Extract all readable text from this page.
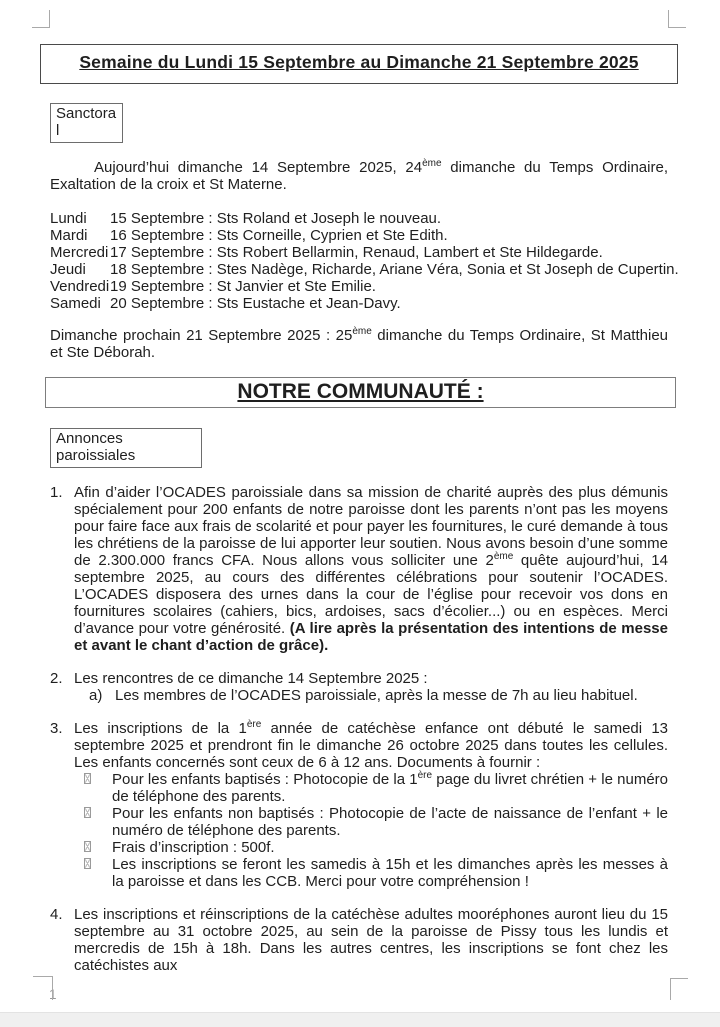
Semaine du Lundi 15 Septembre au Dimanche 21 Septembre 2025
Sanctoral

Aujourd’hui dimanche 14 Septembre 2025, 24ème dimanche du Temps Ordinaire, Exaltation de la croix et St Materne.

Lundi 15 Septembre : Sts Roland et Joseph le nouveau.
Mardi 16 Septembre : Sts Corneille, Cyprien et Ste Edith.
Mercredi 17 Septembre : Sts Robert Bellarmin, Renaud, Lambert et Ste Hildegarde.
Jeudi 18 Septembre : Stes Nadège, Richarde, Ariane Véra, Sonia et St Joseph de Cupertin.
Vendredi19 Septembre : St Janvier et Ste Emilie.
Samedi 20 Septembre : Sts Eustache et Jean-Davy.

Dimanche prochain 21 Septembre 2025 : 25ème dimanche du Temps Ordinaire, St Matthieu et Ste Déborah.

NOTRE COMMUNAUTÉ :
Annonces paroissiales
1. Afin d’aider l’OCADES paroissiale dans sa mission de charité auprès des plus démunis spécialement pour 200 enfants de notre paroisse dont les parents n’ont pas les moyens pour faire face aux frais de scolarité et pour payer les fournitures, le curé demande à tous les chrétiens de la paroisse de lui apporter leur soutien. Nous avons besoin d’une somme de 2.300.000 francs CFA. Nous allons vous solliciter une 2ème quête aujourd’hui, 14 septembre 2025, au cours des différentes célébrations pour soutenir l’OCADES. L’OCADES disposera des urnes dans la cour de l’église pour recevoir vos dons en fournitures scolaires (cahiers, bics, ardoises, sacs d’écolier...) ou en espèces. Merci d’avance pour votre générosité. (A lire après la présentation des intentions de messe et avant le chant d’action de grâce).
2. Les rencontres de ce dimanche 14 Septembre 2025 :
a) Les membres de l’OCADES paroissiale, après la messe de 7h au lieu habituel.
3. Les inscriptions de la 1ère année de catéchèse enfance ont débuté le samedi 13 septembre 2025 et prendront fin le dimanche 26 octobre 2025 dans toutes les cellules. Les enfants concernés sont ceux de 6 à 12 ans. Documents à fournir :
Pour les enfants baptisés : Photocopie de la 1ère page du livret chrétien + le numéro de téléphone des parents.
Pour les enfants non baptisés : Photocopie de l’acte de naissance de l’enfant + le numéro de téléphone des parents.
Frais d’inscription : 500f.
Les inscriptions se feront les samedis à 15h et les dimanches après les messes à la paroisse et dans les CCB. Merci pour votre compréhension !
4. Les inscriptions et réinscriptions de la catéchèse adultes mooréphones auront lieu du 15 septembre au 31 octobre 2025, au sein de la paroisse de Pissy tous les lundis et mercredis de 15h à 18h. Dans les autres centres, les inscriptions se font chez les catéchistes aux
1
